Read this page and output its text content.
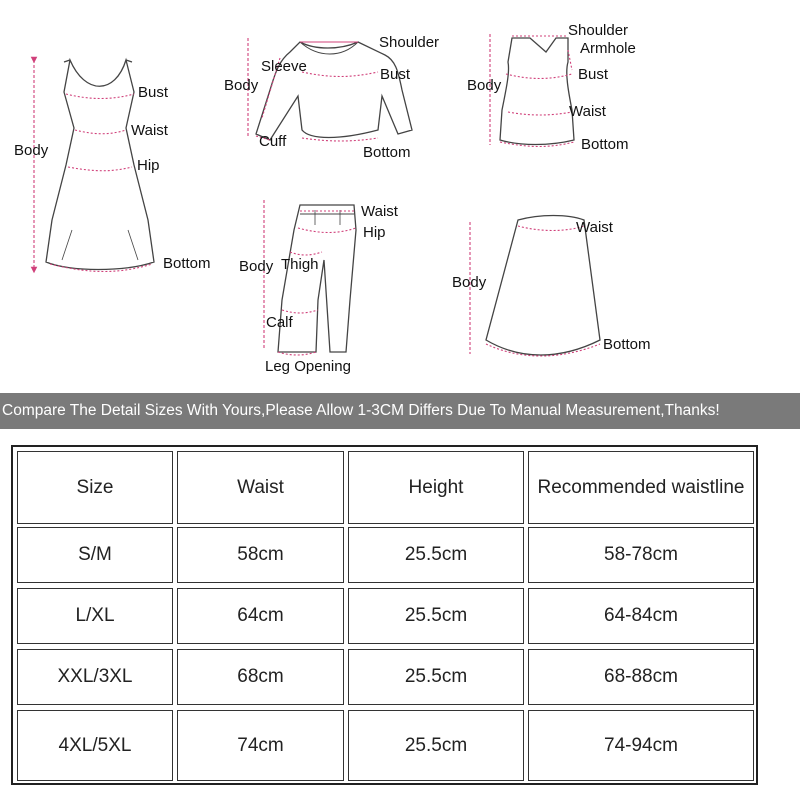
Bust
Waist
Body
Hip
Bottom
Shoulder
Sleeve
Body
Bust
Cuff
Bottom
Shoulder
Armhole
Bust
Body
Waist
Bottom
Waist
Hip
Body Thigh
Calf
Leg Opening
Waist
Body
Bottom
Compare The Detail Sizes With Yours,Please Allow 1-3CM Differs Due To Manual Measurement,Thanks!
Size	Waist	Height	Recommended waistline
S/M	58cm	25.5cm	58-78cm
L/XL	64cm	25.5cm	64-84cm
XXL/3XL	68cm	25.5cm	68-88cm
4XL/5XL	74cm	25.5cm	74-94cm
